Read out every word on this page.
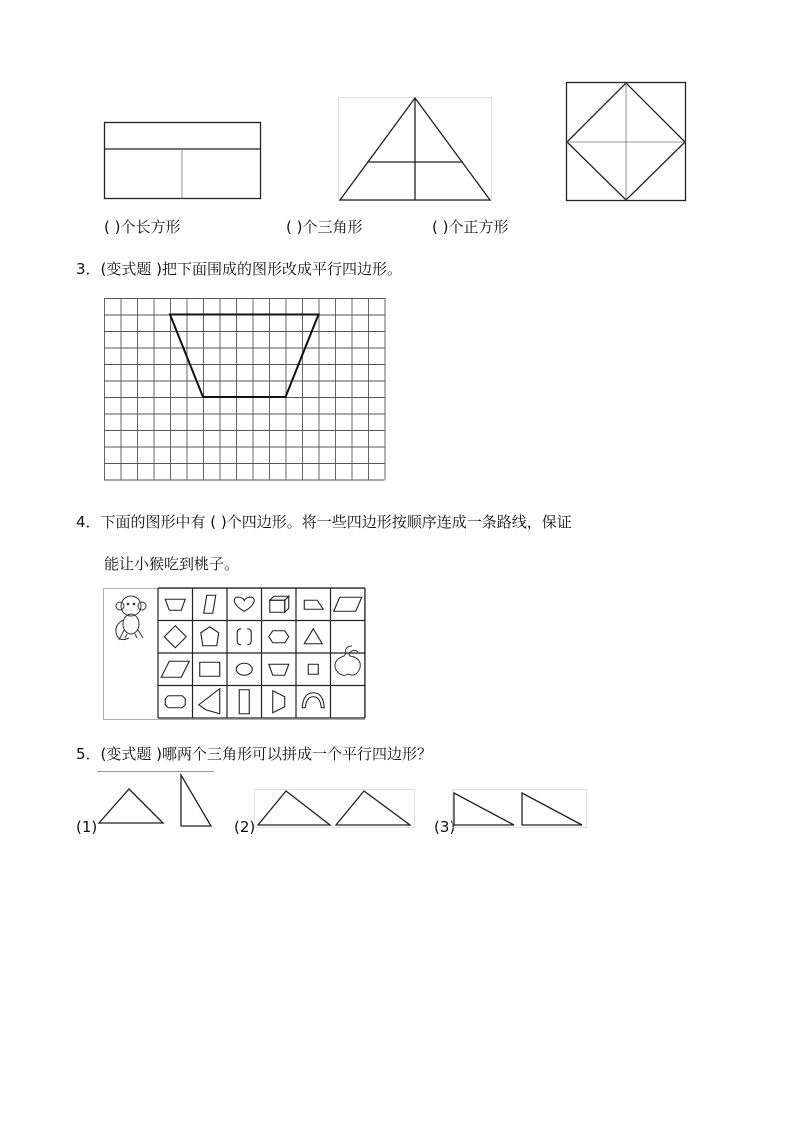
( )个长方形	( )个三角形	( )个正方形
3．(变式题 )把下面围成的图形改成平行四边形。
4．下面的图形中有 ( )个四边形。将一些四边形按顺序连成一条路线，保证
能让小猴吃到桃子。
5．(变式题 )哪两个三角形可以拼成一个平行四边形？
(1)	(2)	(3)
